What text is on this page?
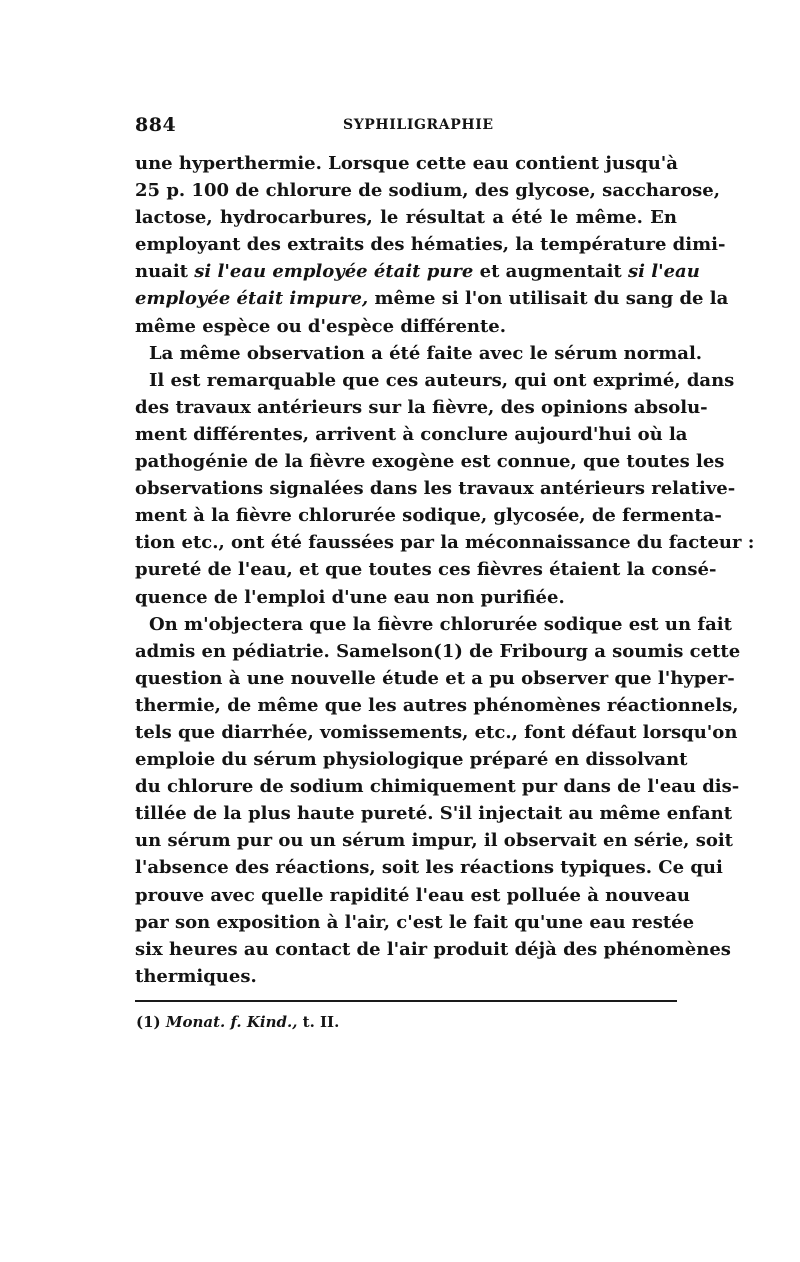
884	SYPHILIGRAPHIE
une hyperthermie. Lorsque cette eau contient jusqu'à
25 p. 100 de chlorure de sodium, des glycose, saccharose,
lactose, hydrocarbures, le résultat a été le même. En
employant des extraits des hématies, la température dimi-
nuait si l'eau employée était pure et augmentait si l'eau
employée était impure, même si l'on utilisait du sang de la
même espèce ou d'espèce différente.
La même observation a été faite avec le sérum normal.
Il est remarquable que ces auteurs, qui ont exprimé, dans
des travaux antérieurs sur la fièvre, des opinions absolu-
ment différentes, arrivent à conclure aujourd'hui où la
pathogénie de la fièvre exogène est connue, que toutes les
observations signalées dans les travaux antérieurs relative-
ment à la fièvre chlorurée sodique, glycosée, de fermenta-
tion etc., ont été faussées par la méconnaissance du facteur :
pureté de l'eau, et que toutes ces fièvres étaient la consé-
quence de l'emploi d'une eau non purifiée.
On m'objectera que la fièvre chlorurée sodique est un fait
admis en pédiatrie. Samelson(1) de Fribourg a soumis cette
question à une nouvelle étude et a pu observer que l'hyper-
thermie, de même que les autres phénomènes réactionnels,
tels que diarrhée, vomissements, etc., font défaut lorsqu'on
emploie du sérum physiologique préparé en dissolvant
du chlorure de sodium chimiquement pur dans de l'eau dis-
tillée de la plus haute pureté. S'il injectait au même enfant
un sérum pur ou un sérum impur, il observait en série, soit
l'absence des réactions, soit les réactions typiques. Ce qui
prouve avec quelle rapidité l'eau est polluée à nouveau
par son exposition à l'air, c'est le fait qu'une eau restée
six heures au contact de l'air produit déjà des phénomènes
thermiques.
(1) Monat. f. Kind., t. II.
